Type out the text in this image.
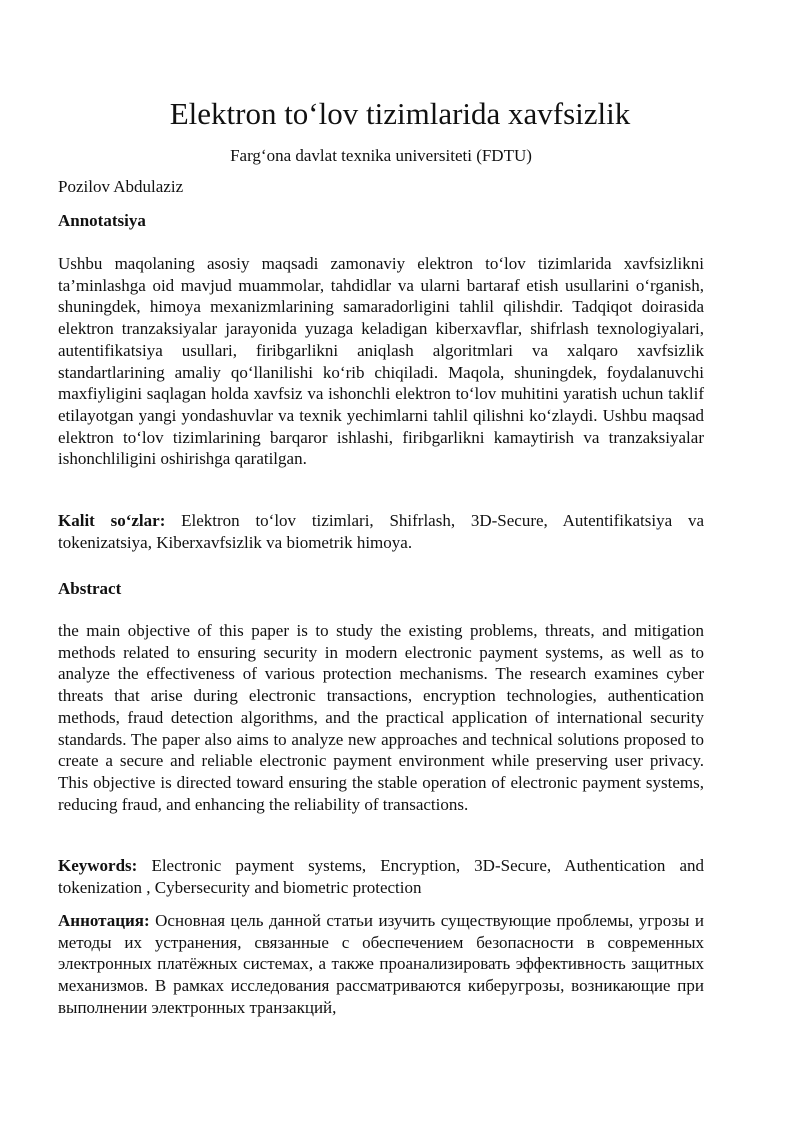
Elektron to‘lov tizimlarida xavfsizlik
Farg‘ona davlat texnika universiteti (FDTU)
Pozilov Abdulaziz
Annotatsiya

Ushbu maqolaning asosiy maqsadi zamonaviy elektron to‘lov tizimlarida xavfsizlikni ta’minlashga oid mavjud muammolar, tahdidlar va ularni bartaraf etish usullarini o‘rganish, shuningdek, himoya mexanizmlarining samaradorligini tahlil qilishdir. Tadqiqot doirasida elektron tranzaksiyalar jarayonida yuzaga keladigan kiberxavflar, shifrlash texnologiyalari, autentifikatsiya usullari, firibgarlikni aniqlash algoritmlari va xalqaro xavfsizlik standartlarining amaliy qo‘llanilishi ko‘rib chiqiladi. Maqola, shuningdek, foydalanuvchi maxfiyligini saqlagan holda xavfsiz va ishonchli elektron to‘lov muhitini yaratish uchun taklif etilayotgan yangi yondashuvlar va texnik yechimlarni tahlil qilishni ko‘zlaydi. Ushbu maqsad elektron to‘lov tizimlarining barqaror ishlashi, firibgarlikni kamaytirish va tranzaksiyalar ishonchliligini oshirishga qaratilgan.

Kalit so‘zlar: Elektron to‘lov tizimlari, Shifrlash, 3D-Secure, Autentifikatsiya va tokenizatsiya, Kiberxavfsizlik va biometrik himoya.

Abstract

the main objective of this paper is to study the existing problems, threats, and mitigation methods related to ensuring security in modern electronic payment systems, as well as to analyze the effectiveness of various protection mechanisms. The research examines cyber threats that arise during electronic transactions, encryption technologies, authentication methods, fraud detection algorithms, and the practical application of international security standards. The paper also aims to analyze new approaches and technical solutions proposed to create a secure and reliable electronic payment environment while preserving user privacy. This objective is directed toward ensuring the stable operation of electronic payment systems, reducing fraud, and enhancing the reliability of transactions.

Keywords: Electronic payment systems, Encryption, 3D-Secure, Authentication and tokenization , Cybersecurity and biometric protection

Аннотация: Основная цель данной статьи изучить существующие проблемы, угрозы и методы их устранения, связанные с обеспечением безопасности в современных электронных платёжных системах, а также проанализировать эффективность защитных механизмов. В рамках исследования рассматриваются киберугрозы, возникающие при выполнении электронных транзакций,
